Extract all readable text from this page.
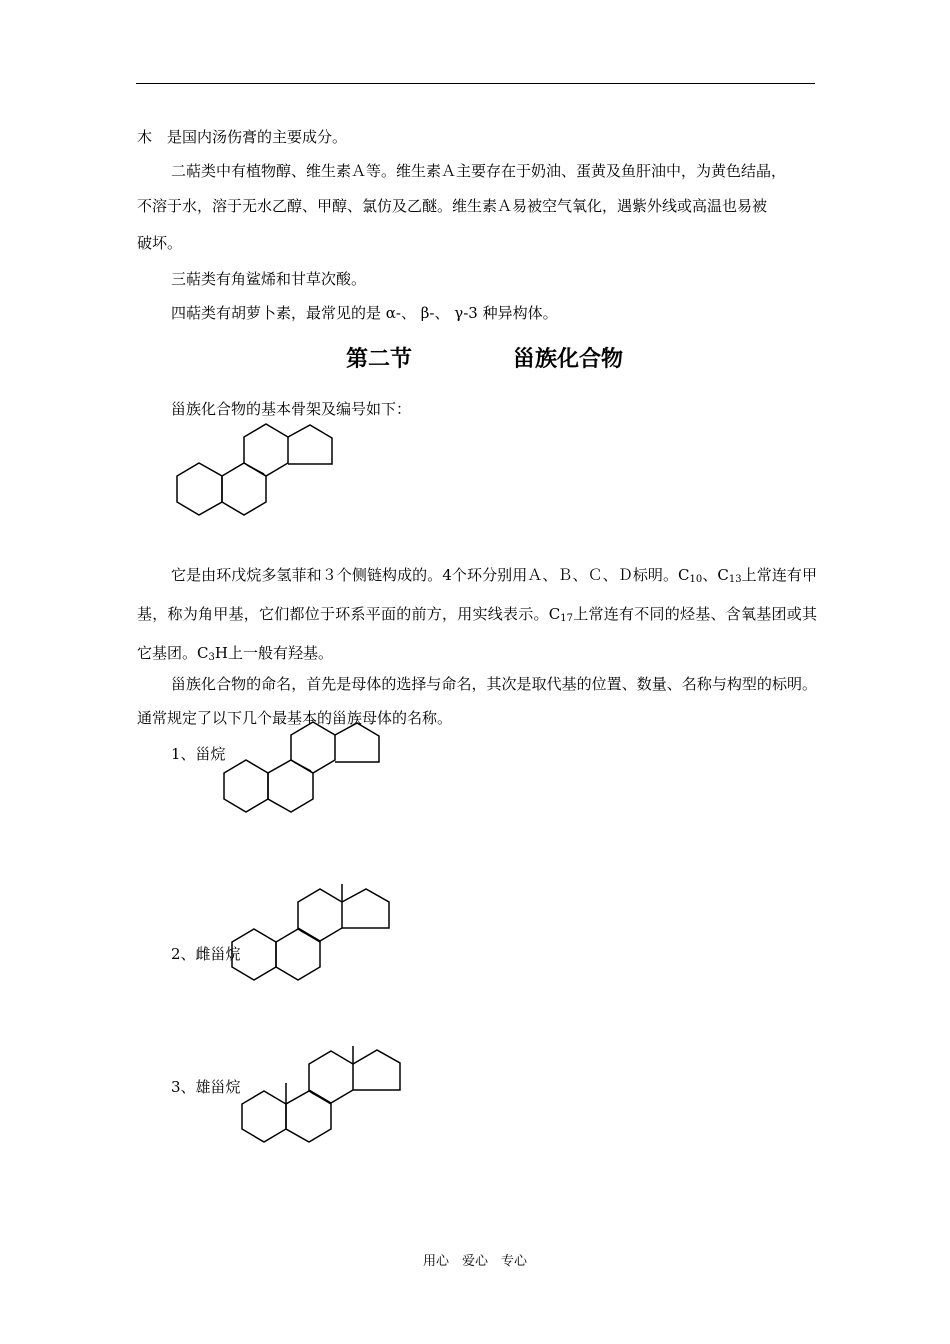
木　是国内汤伤膏的主要成分。
二萜类中有植物醇、维生素Ａ等。维生素Ａ主要存在于奶油、蛋黄及鱼肝油中，为黄色结晶，
不溶于水，溶于无水乙醇、甲醇、氯仿及乙醚。维生素Ａ易被空气氧化，遇紫外线或高温也易被
破坏。
三萜类有角鲨烯和甘草次酸。
四萜类有胡萝卜素，最常见的是 α-、 β-、 γ-3 种异构体。
第二节	甾族化合物
甾族化合物的基本骨架及编号如下：
它是由环戊烷多氢菲和３个侧链构成的。4个环分别用Ａ、Ｂ、Ｃ、Ｄ标明。$C_{10}$、$C_{13}$上常连有甲基，称为角甲基，它们都位于环系平面的前方，用实线表示。$C_{17}$上常连有不同的烃基、含氧基团或其它基团。$C_3H$上一般有羟基。
甾族化合物的命名，首先是母体的选择与命名，其次是取代基的位置、数量、名称与构型的标明。通常规定了以下几个最基本的甾族母体的名称。
1、甾烷
2、雌甾烷
3、雄甾烷
用心　爱心　专心
